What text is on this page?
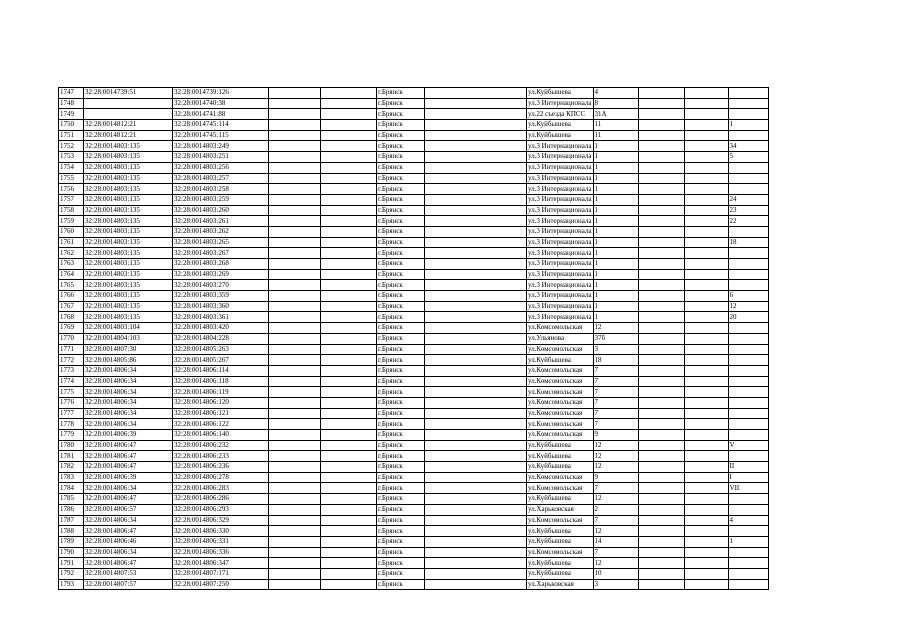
1747	32:28:0014739:51	32:28:0014739:126			г.Брянск		ул.Куйбышева	4			
1748		32:28:0014740:38			г.Брянск		ул.3 Интернационала	8			
1749		32:28:0014741:88			г.Брянск		ул.22 съезда КПСС	31А			
1750	32:28:0014812:21	32:28:0014745:114			г.Брянск		ул.Куйбышева	11			1
1751	32:28:0014812:21	32:28:0014745:115			г.Брянск		ул.Куйбышева	11			
1752	32:28:0014803:135	32:28:0014803:249			г.Брянск		ул.3 Интернационала	1			34
1753	32:28:0014803:135	32:28:0014803:251			г.Брянск		ул.3 Интернационала	1			5
1754	32:28:0014803:135	32:28:0014803:256			г.Брянск		ул.3 Интернационала	1			
1755	32:28:0014803:135	32:28:0014803:257			г.Брянск		ул.3 Интернационала	1			
1756	32:28:0014803:135	32:28:0014803:258			г.Брянск		ул.3 Интернационала	1			
1757	32:28:0014803:135	32:28:0014803:259			г.Брянск		ул.3 Интернационала	1			24
1758	32:28:0014803:135	32:28:0014803:260			г.Брянск		ул.3 Интернационала	1			23
1759	32:28:0014803:135	32:28:0014803:261			г.Брянск		ул.3 Интернационала	1			22
1760	32:28:0014803:135	32:28:0014803:262			г.Брянск		ул.3 Интернационала	1			
1761	32:28:0014803:135	32:28:0014803:265			г.Брянск		ул.3 Интернационала	1			18
1762	32:28:0014803:135	32:28:0014803:267			г.Брянск		ул.3 Интернационала	1			
1763	32:28:0014803:135	32:28:0014803:268			г.Брянск		ул.3 Интернационала	1			
1764	32:28:0014803:135	32:28:0014803:269			г.Брянск		ул.3 Интернационала	1			
1765	32:28:0014803:135	32:28:0014803:270			г.Брянск		ул.3 Интернационала	1			
1766	32:28:0014803:135	32:28:0014803:359			г.Брянск		ул.3 Интернационала	1			6
1767	32:28:0014803:135	32:28:0014803:360			г.Брянск		ул.3 Интернационала	1			12
1768	32:28:0014803:135	32:28:0014803:361			г.Брянск		ул.3 Интернационала	1			20
1769	32:28:0014803:104	32:28:0014803:420			г.Брянск		ул.Комсомольская	12			
1770	32:28:0014804:103	32:28:0014804:228			г.Брянск		ул.Ульянова	37б			
1771	32:28:0014807:30	32:28:0014805:263			г.Брянск		ул.Комсомольская	3			
1772	32:28:0014805:86	32:28:0014805:267			г.Брянск		ул.Куйбышева	18			
1773	32:28:0014806:34	32:28:0014806:114			г.Брянск		ул.Комсомольская	7			
1774	32:28:0014806:34	32:28:0014806:118			г.Брянск		ул.Комсомольская	7			
1775	32:28:0014806:34	32:28:0014806:119			г.Брянск		ул.Комсомольская	7			
1776	32:28:0014806:34	32:28:0014806:120			г.Брянск		ул.Комсомольская	7			
1777	32:28:0014806:34	32:28:0014806:121			г.Брянск		ул.Комсомольская	7			
1778	32:28:0014806:34	32:28:0014806:122			г.Брянск		ул.Комсомольская	7			
1779	32:28:0014806:39	32:28:0014806:140			г.Брянск		ул.Комсомольская	9			
1780	32:28:0014806:47	32:28:0014806:232			г.Брянск		ул.Куйбышева	12			V
1781	32:28:0014806:47	32:28:0014806:233			г.Брянск		ул.Куйбышева	12			
1782	32:28:0014806:47	32:28:0014806:236			г.Брянск		ул.Куйбышева	12			II
1783	32:28:0014806:39	32:28:0014806:278			г.Брянск		ул.Комсомольская	9			I
1784	32:28:0014806:34	32:28:0014806:283			г.Брянск		ул.Комсомольская	7			VII
1785	32:28:0014806:47	32:28:0014806:286			г.Брянск		ул.Куйбышева	12			
1786	32:28:0014806:57	32:28:0014806:293			г.Брянск		ул.Харьковская	2			
1787	32:28:0014806:34	32:28:0014806:329			г.Брянск		ул.Комсомольская	7			4
1788	32:28:0014806:47	32:28:0014806:330			г.Брянск		ул.Куйбышева	12			
1789	32:28:0014806:46	32:28:0014806:331			г.Брянск		ул.Куйбышева	14			1
1790	32:28:0014806:34	32:28:0014806:336			г.Брянск		ул.Комсомольская	7			
1791	32:28:0014806:47	32:28:0014806:347			г.Брянск		ул.Куйбышева	12			
1792	32:28:0014807:53	32:28:0014807:171			г.Брянск		ул.Куйбышева	10			
1793	32:28:0014807:57	32:28:0014807:250			г.Брянск		ул.Харьковская	3			
